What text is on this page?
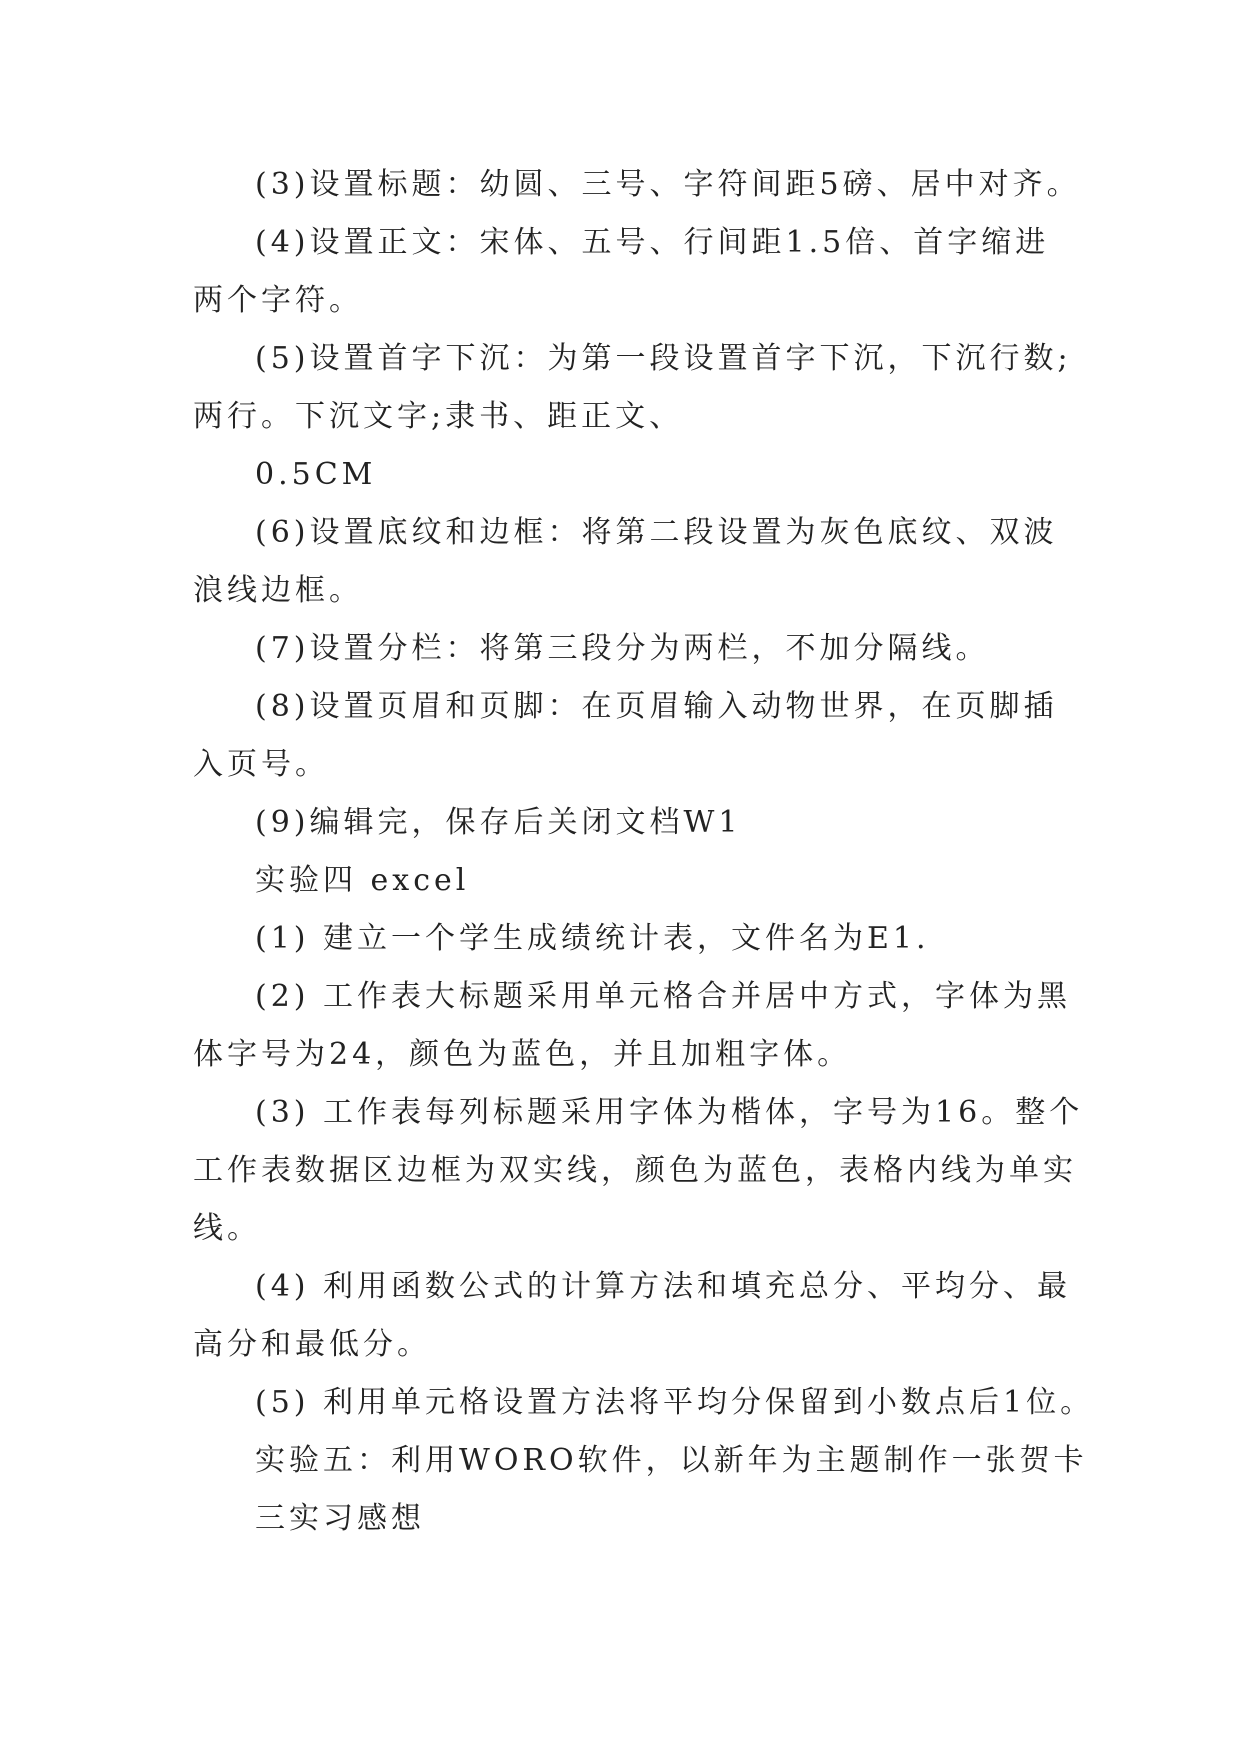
(3)设置标题：幼圆、三号、字符间距5磅、居中对齐。
(4)设置正文：宋体、五号、行间距1.5倍、首字缩进
两个字符。
(5)设置首字下沉：为第一段设置首字下沉，下沉行数;
两行。下沉文字;隶书、距正文、
0.5CM
(6)设置底纹和边框：将第二段设置为灰色底纹、双波
浪线边框。
(7)设置分栏：将第三段分为两栏，不加分隔线。
(8)设置页眉和页脚：在页眉输入动物世界，在页脚插
入页号。
(9)编辑完，保存后关闭文档W1
实验四 excel
(1) 建立一个学生成绩统计表，文件名为E1.
(2) 工作表大标题采用单元格合并居中方式，字体为黑
体字号为24，颜色为蓝色，并且加粗字体。
(3) 工作表每列标题采用字体为楷体，字号为16。整个
工作表数据区边框为双实线，颜色为蓝色，表格内线为单实
线。
(4) 利用函数公式的计算方法和填充总分、平均分、最
高分和最低分。
(5) 利用单元格设置方法将平均分保留到小数点后1位。
实验五：利用WORO软件，以新年为主题制作一张贺卡
三实习感想
